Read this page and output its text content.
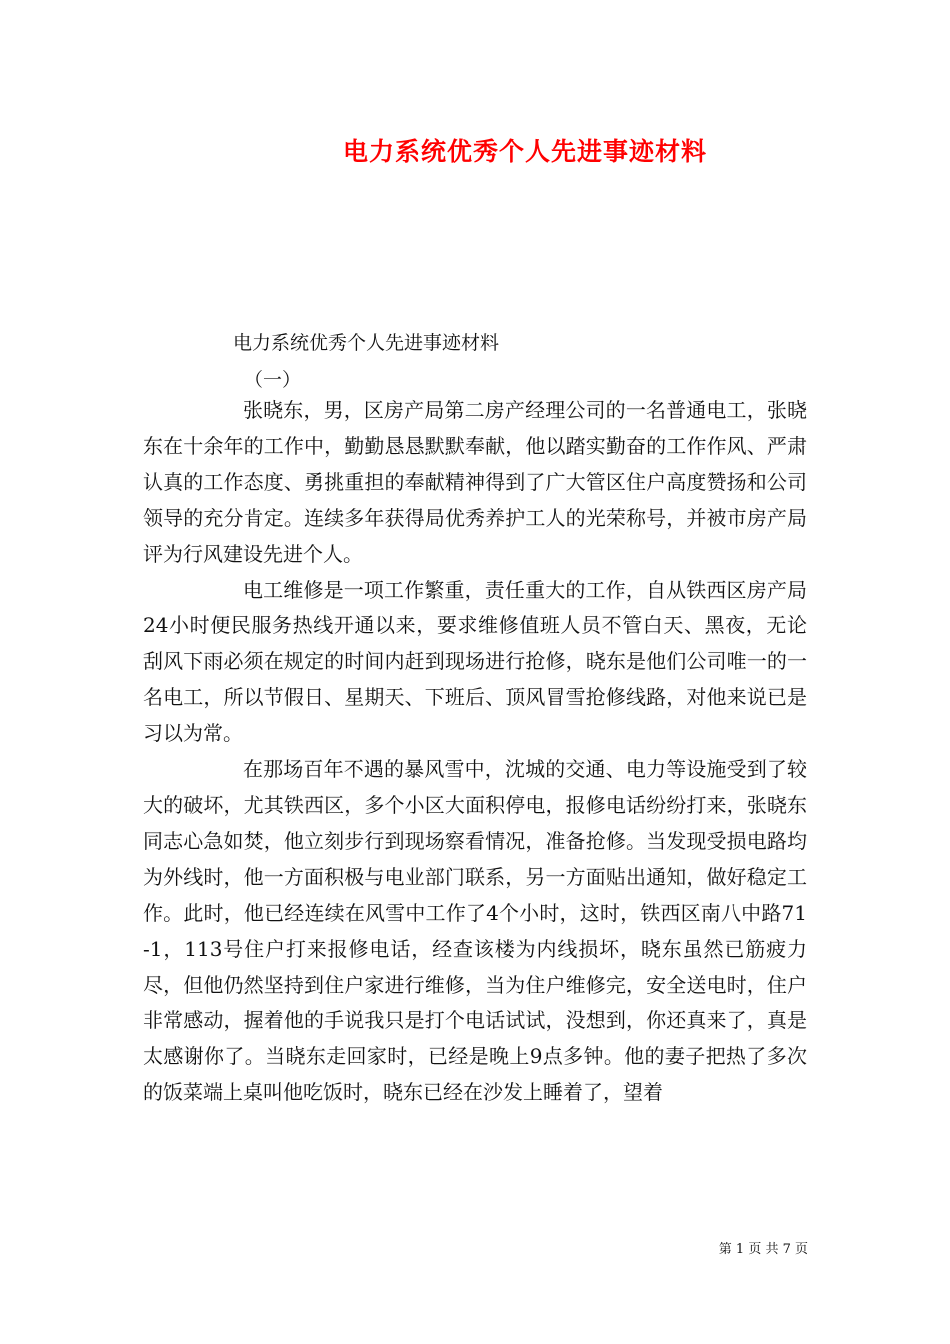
电力系统优秀个人先进事迹材料

电力系统优秀个人先进事迹材料

（一）

张晓东，男，区房产局第二房产经理公司的一名普通电工，张晓东在十余年的工作中，勤勤恳恳默默奉献，他以踏实勤奋的工作作风、严肃认真的工作态度、勇挑重担的奉献精神得到了广大管区住户高度赞扬和公司领导的充分肯定。连续多年获得局优秀养护工人的光荣称号，并被市房产局评为行风建设先进个人。

电工维修是一项工作繁重，责任重大的工作，自从铁西区房产局24小时便民服务热线开通以来，要求维修值班人员不管白天、黑夜，无论刮风下雨必须在规定的时间内赶到现场进行抢修，晓东是他们公司唯一的一名电工，所以节假日、星期天、下班后、顶风冒雪抢修线路，对他来说已是习以为常。

在那场百年不遇的暴风雪中，沈城的交通、电力等设施受到了较大的破坏，尤其铁西区，多个小区大面积停电，报修电话纷纷打来，张晓东同志心急如焚，他立刻步行到现场察看情况，准备抢修。当发现受损电路均为外线时，他一方面积极与电业部门联系，另一方面贴出通知，做好稳定工作。此时，他已经连续在风雪中工作了4个小时，这时，铁西区南八中路71-1，113号住户打来报修电话，经查该楼为内线损坏，晓东虽然已筋疲力尽，但他仍然坚持到住户家进行维修，当为住户维修完，安全送电时，住户非常感动，握着他的手说我只是打个电话试试，没想到，你还真来了，真是太感谢你了。当晓东走回家时，已经是晚上9点多钟。他的妻子把热了多次的饭菜端上桌叫他吃饭时，晓东已经在沙发上睡着了，望着

第 1 页 共 7 页
